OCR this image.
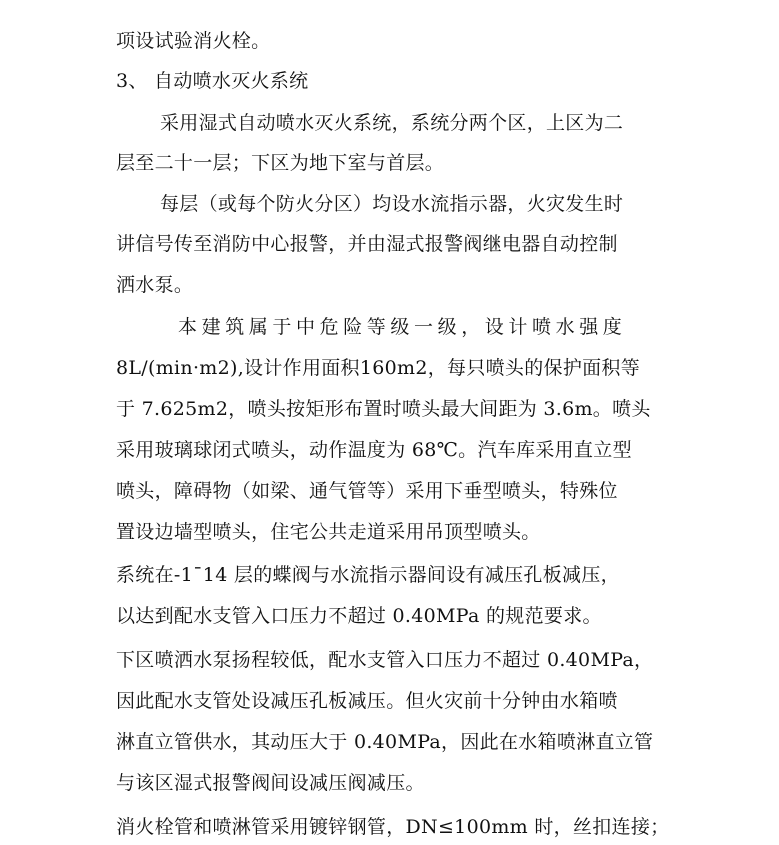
项设试验消火栓。
3、 自动喷水灭火系统
采用湿式自动喷水灭火系统，系统分两个区，上区为二
层至二十一层；下区为地下室与首层。
每层（或每个防火分区）均设水流指示器，火灾发生时
讲信号传至消防中心报警，并由湿式报警阀继电器自动控制
洒水泵。
本建筑属于中危险等级一级，设计喷水强度
8L/(min·m2),设计作用面积160m2，每只喷头的保护面积等
于 7.625m2，喷头按矩形布置时喷头最大间距为 3.6m。喷头
采用玻璃球闭式喷头，动作温度为 68℃。汽车库采用直立型
喷头，障碍物（如梁、通气管等）采用下垂型喷头，特殊位
置设边墙型喷头，住宅公共走道采用吊顶型喷头。
系统在-1¯14 层的蝶阀与水流指示器间设有减压孔板减压，
以达到配水支管入口压力不超过 0.40MPa 的规范要求。
下区喷洒水泵扬程较低，配水支管入口压力不超过 0.40MPa，
因此配水支管处设减压孔板减压。但火灾前十分钟由水箱喷
淋直立管供水，其动压大于 0.40MPa，因此在水箱喷淋直立管
与该区湿式报警阀间设减压阀减压。
消火栓管和喷淋管采用镀锌钢管，DN≤100mm 时，丝扣连接；
